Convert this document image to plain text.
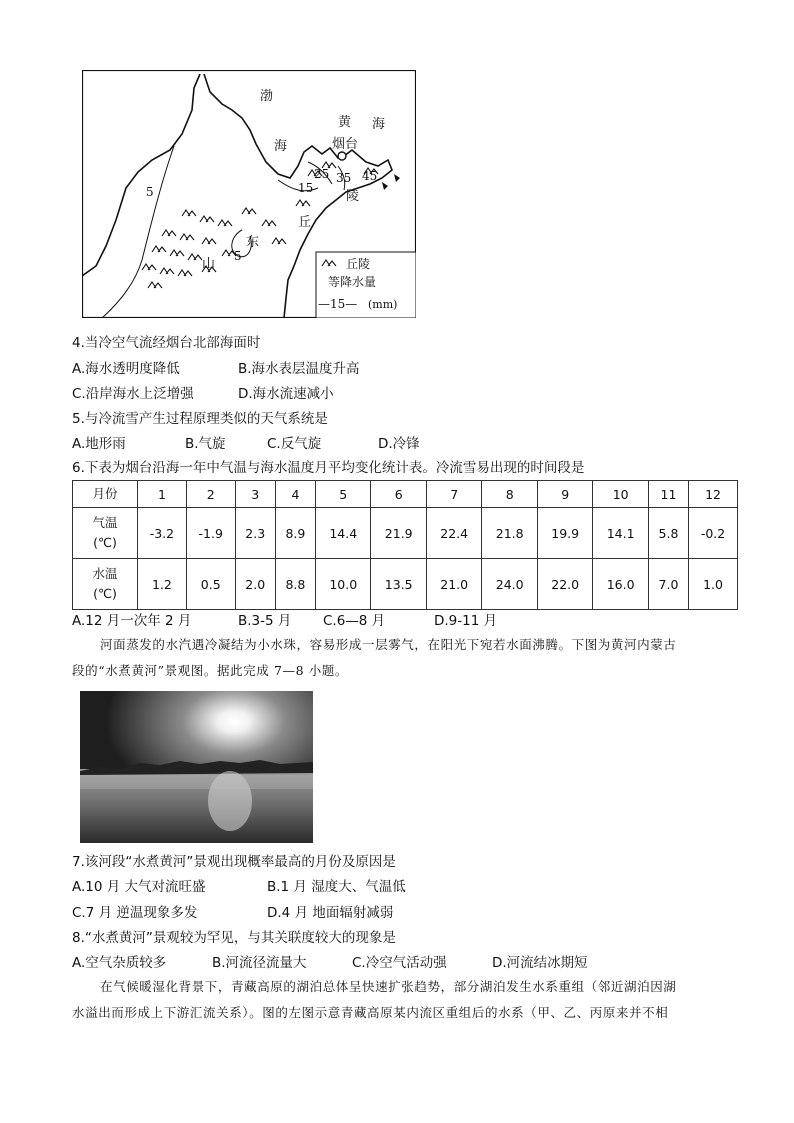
渤
海
黄 海
烟台
陵
丘
东
山
25 35 45
15
5
5
丘陵
等降水量
—15— (mm)
4.当冷空气流经烟台北部海面时
A.海水透明度降低	B.海水表层温度升高
C.沿岸海水上泛增强	D.海水流速减小
5.与冷流雪产生过程原理类似的天气系统是
A.地形雨	B.气旋	C.反气旋	D.冷锋
6.下表为烟台沿海一年中气温与海水温度月平均变化统计表。冷流雪易出现的时间段是
月份	1	2	3	4	5	6	7	8	9	10	11	12
气温
(℃)	-3.2	-1.9	2.3	8.9	14.4	21.9	22.4	21.8	19.9	14.1	5.8	-0.2
水温
(℃)	1.2	0.5	2.0	8.8	10.0	13.5	21.0	24.0	22.0	16.0	7.0	1.0
A.12 月一次年 2 月	B.3-5 月 C.6—8 月	D.9-11 月
河面蒸发的水汽遇冷凝结为小水珠，容易形成一层雾气，在阳光下宛若水面沸腾。下图为黄河内蒙古
段的“水煮黄河”景观图。据此完成 7—8 小题。
7.该河段“水煮黄河”景观出现概率最高的月份及原因是
A.10 月 大气对流旺盛	B.1 月 湿度大、气温低
C.7 月 逆温现象多发	D.4 月 地面辐射减弱
8.“水煮黄河”景观较为罕见，与其关联度较大的现象是
A.空气杂质较多	B.河流径流量大	C.冷空气活动强	D.河流结冰期短
在气候暖湿化背景下，青藏高原的湖泊总体呈快速扩张趋势，部分湖泊发生水系重组（邻近湖泊因湖
水溢出而形成上下游汇流关系）。图的左图示意青藏高原某内流区重组后的水系（甲、乙、丙原来并不相
